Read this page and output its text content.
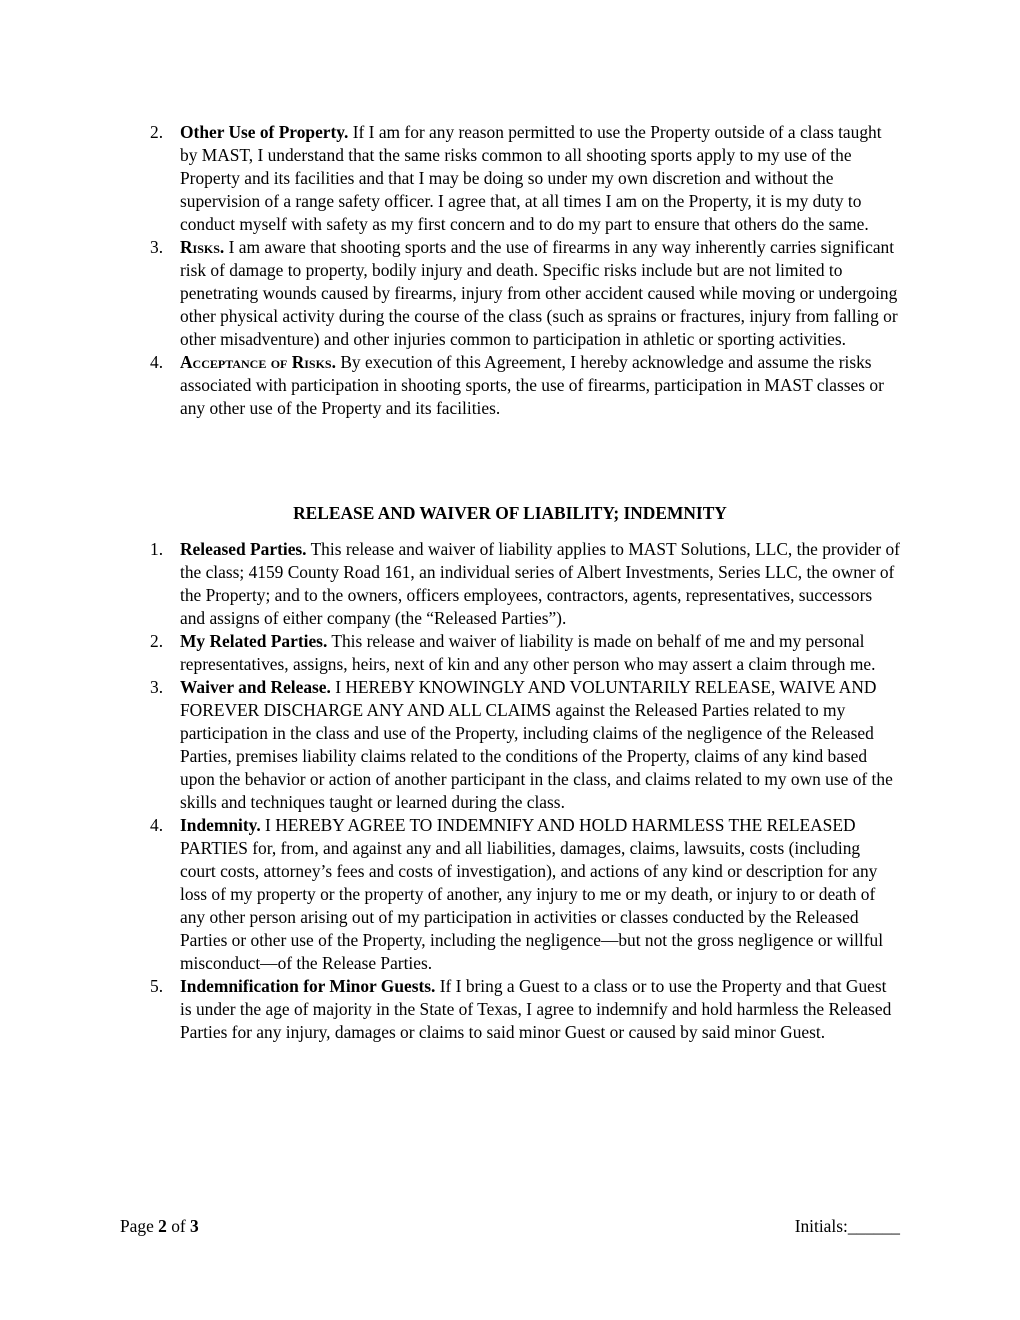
2. Other Use of Property. If I am for any reason permitted to use the Property outside of a class taught by MAST, I understand that the same risks common to all shooting sports apply to my use of the Property and its facilities and that I may be doing so under my own discretion and without the supervision of a range safety officer. I agree that, at all times I am on the Property, it is my duty to conduct myself with safety as my first concern and to do my part to ensure that others do the same.
3. Risks. I am aware that shooting sports and the use of firearms in any way inherently carries significant risk of damage to property, bodily injury and death. Specific risks include but are not limited to penetrating wounds caused by firearms, injury from other accident caused while moving or undergoing other physical activity during the course of the class (such as sprains or fractures, injury from falling or other misadventure) and other injuries common to participation in athletic or sporting activities.
4. Acceptance of Risks. By execution of this Agreement, I hereby acknowledge and assume the risks associated with participation in shooting sports, the use of firearms, participation in MAST classes or any other use of the Property and its facilities.
RELEASE AND WAIVER OF LIABILITY; INDEMNITY
1. Released Parties. This release and waiver of liability applies to MAST Solutions, LLC, the provider of the class; 4159 County Road 161, an individual series of Albert Investments, Series LLC, the owner of the Property; and to the owners, officers employees, contractors, agents, representatives, successors and assigns of either company (the “Released Parties”).
2. My Related Parties. This release and waiver of liability is made on behalf of me and my personal representatives, assigns, heirs, next of kin and any other person who may assert a claim through me.
3. Waiver and Release. I HEREBY KNOWINGLY AND VOLUNTARILY RELEASE, WAIVE AND FOREVER DISCHARGE ANY AND ALL CLAIMS against the Released Parties related to my participation in the class and use of the Property, including claims of the negligence of the Released Parties, premises liability claims related to the conditions of the Property, claims of any kind based upon the behavior or action of another participant in the class, and claims related to my own use of the skills and techniques taught or learned during the class.
4. Indemnity. I HEREBY AGREE TO INDEMNIFY AND HOLD HARMLESS THE RELEASED PARTIES for, from, and against any and all liabilities, damages, claims, lawsuits, costs (including court costs, attorney’s fees and costs of investigation), and actions of any kind or description for any loss of my property or the property of another, any injury to me or my death, or injury to or death of any other person arising out of my participation in activities or classes conducted by the Released Parties or other use of the Property, including the negligence—but not the gross negligence or willful misconduct—of the Release Parties.
5. Indemnification for Minor Guests. If I bring a Guest to a class or to use the Property and that Guest is under the age of majority in the State of Texas, I agree to indemnify and hold harmless the Released Parties for any injury, damages or claims to said minor Guest or caused by said minor Guest.
Page 2 of 3	Initials:______
